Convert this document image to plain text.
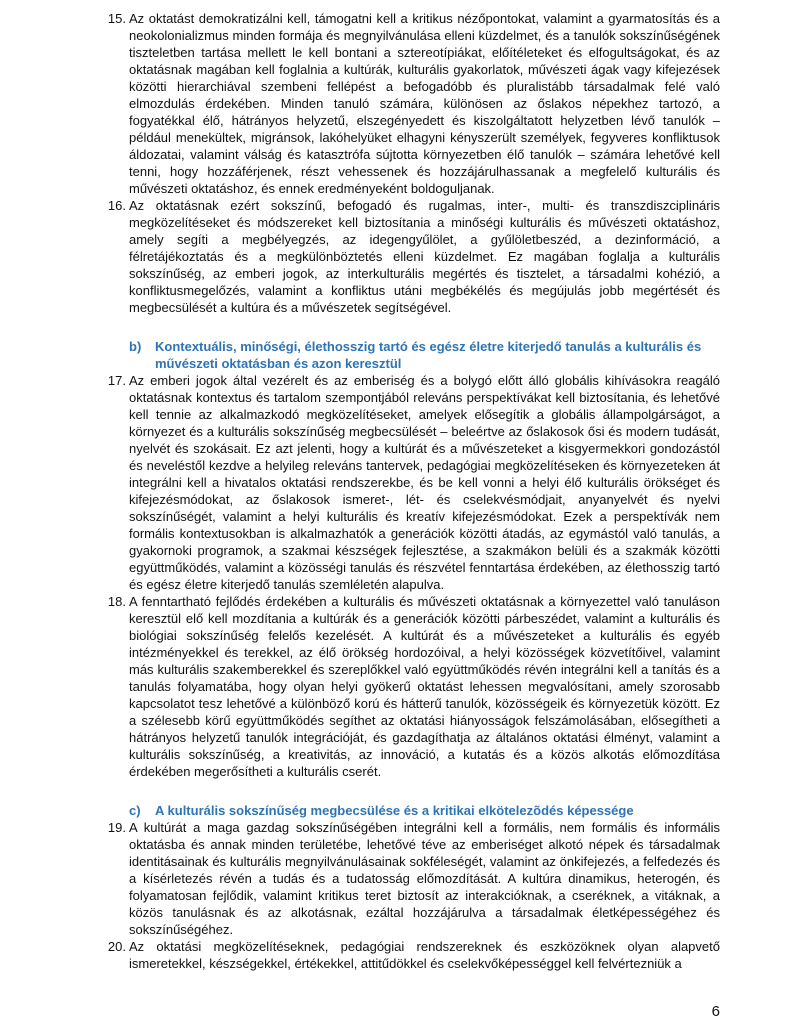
15. Az oktatást demokratizálni kell, támogatni kell a kritikus nézőpontokat, valamint a gyarmatosítás és a neokolonializmus minden formája és megnyilvánulása elleni küzdelmet, és a tanulók sokszínűségének tiszteletben tartása mellett le kell bontani a sztereotípiákat, előítéleteket és elfogultságokat, és az oktatásnak magában kell foglalnia a kultúrák, kulturális gyakorlatok, művészeti ágak vagy kifejezések közötti hierarchiával szembeni fellépést a befogadóbb és pluralistább társadalmak felé való elmozdulás érdekében. Minden tanuló számára, különösen az őslakos népekhez tartozó, a fogyatékkal élő, hátrányos helyzetű, elszegényedett és kiszolgáltatott helyzetben lévő tanulók – például menekültek, migránsok, lakóhelyüket elhagyni kényszerült személyek, fegyveres konfliktusok áldozatai, valamint válság és katasztrófa sújtotta környezetben élő tanulók – számára lehetővé kell tenni, hogy hozzáférjenek, részt vehessenek és hozzájárulhassanak a megfelelő kulturális és művészeti oktatáshoz, és ennek eredményeként boldoguljanak.

16. Az oktatásnak ezért sokszínű, befogadó és rugalmas, inter-, multi- és transzdiszciplináris megközelítéseket és módszereket kell biztosítania a minőségi kulturális és művészeti oktatáshoz, amely segíti a megbélyegzés, az idegengyűlölet, a gyűlöletbeszéd, a dezinformáció, a félretájékoztatás és a megkülönböztetés elleni küzdelmet. Ez magában foglalja a kulturális sokszínűség, az emberi jogok, az interkulturális megértés és tisztelet, a társadalmi kohézió, a konfliktusmegelőzés, valamint a konfliktus utáni megbékélés és megújulás jobb megértését és megbecsülését a kultúra és a művészetek segítségével.

b) Kontextuális, minőségi, élethosszig tartó és egész életre kiterjedő tanulás a kulturális és művészeti oktatásban és azon keresztül
17. Az emberi jogok által vezérelt és az emberiség és a bolygó előtt álló globális kihívásokra reagáló oktatásnak kontextus és tartalom szempontjából releváns perspektívákat kell biztosítania, és lehetővé kell tennie az alkalmazkodó megközelítéseket, amelyek elősegítik a globális állampolgárságot, a környezet és a kulturális sokszínűség megbecsülését – beleértve az őslakosok ősi és modern tudását, nyelvét és szokásait. Ez azt jelenti, hogy a kultúrát és a művészeteket a kisgyermekkori gondozástól és neveléstől kezdve a helyileg releváns tantervek, pedagógiai megközelítéseken és környezeteken át integrálni kell a hivatalos oktatási rendszerekbe, és be kell vonni a helyi élő kulturális örökséget és kifejezésmódokat, az őslakosok ismeret-, lét- és cselekvésmódjait, anyanyelvét és nyelvi sokszínűségét, valamint a helyi kulturális és kreatív kifejezésmódokat. Ezek a perspektívák nem formális kontextusokban is alkalmazhatók a generációk közötti átadás, az egymástól való tanulás, a gyakornoki programok, a szakmai készségek fejlesztése, a szakmákon belüli és a szakmák közötti együttműködés, valamint a közösségi tanulás és részvétel fenntartása érdekében, az élethosszig tartó és egész életre kiterjedő tanulás szemléletén alapulva.

18. A fenntartható fejlődés érdekében a kulturális és művészeti oktatásnak a környezettel való tanuláson keresztül elő kell mozdítania a kultúrák és a generációk közötti párbeszédet, valamint a kulturális és biológiai sokszínűség felelős kezelését. A kultúrát és a művészeteket a kulturális és egyéb intézményekkel és terekkel, az élő örökség hordozóival, a helyi közösségek közvetítőivel, valamint más kulturális szakemberekkel és szereplőkkel való együttműködés révén integrálni kell a tanítás és a tanulás folyamatába, hogy olyan helyi gyökerű oktatást lehessen megvalósítani, amely szorosabb kapcsolatot tesz lehetővé a különböző korú és hátterű tanulók, közösségeik és környezetük között. Ez a szélesebb körű együttműködés segíthet az oktatási hiányosságok felszámolásában, elősegítheti a hátrányos helyzetű tanulók integrációját, és gazdagíthatja az általános oktatási élményt, valamint a kulturális sokszínűség, a kreativitás, az innováció, a kutatás és a közös alkotás előmozdítása érdekében megerősítheti a kulturális cserét.

c) A kulturális sokszínűség megbecsülése és a kritikai elkötelezõdés képessége
19. A kultúrát a maga gazdag sokszínűségében integrálni kell a formális, nem formális és informális oktatásba és annak minden területébe, lehetővé téve az emberiséget alkotó népek és társadalmak identitásainak és kulturális megnyilvánulásainak sokféleségét, valamint az önkifejezés, a felfedezés és a kísérletezés révén a tudás és a tudatosság előmozdítását. A kultúra dinamikus, heterogén, és folyamatosan fejlődik, valamint kritikus teret biztosít az interakcióknak, a cseréknek, a vitáknak, a közös tanulásnak és az alkotásnak, ezáltal hozzájárulva a társadalmak életképességéhez és sokszínűségéhez.

20. Az oktatási megközelítéseknek, pedagógiai rendszereknek és eszközöknek olyan alapvető ismeretekkel, készségekkel, értékekkel, attitűdökkel és cselekvőképességgel kell felvértezniük a

6
